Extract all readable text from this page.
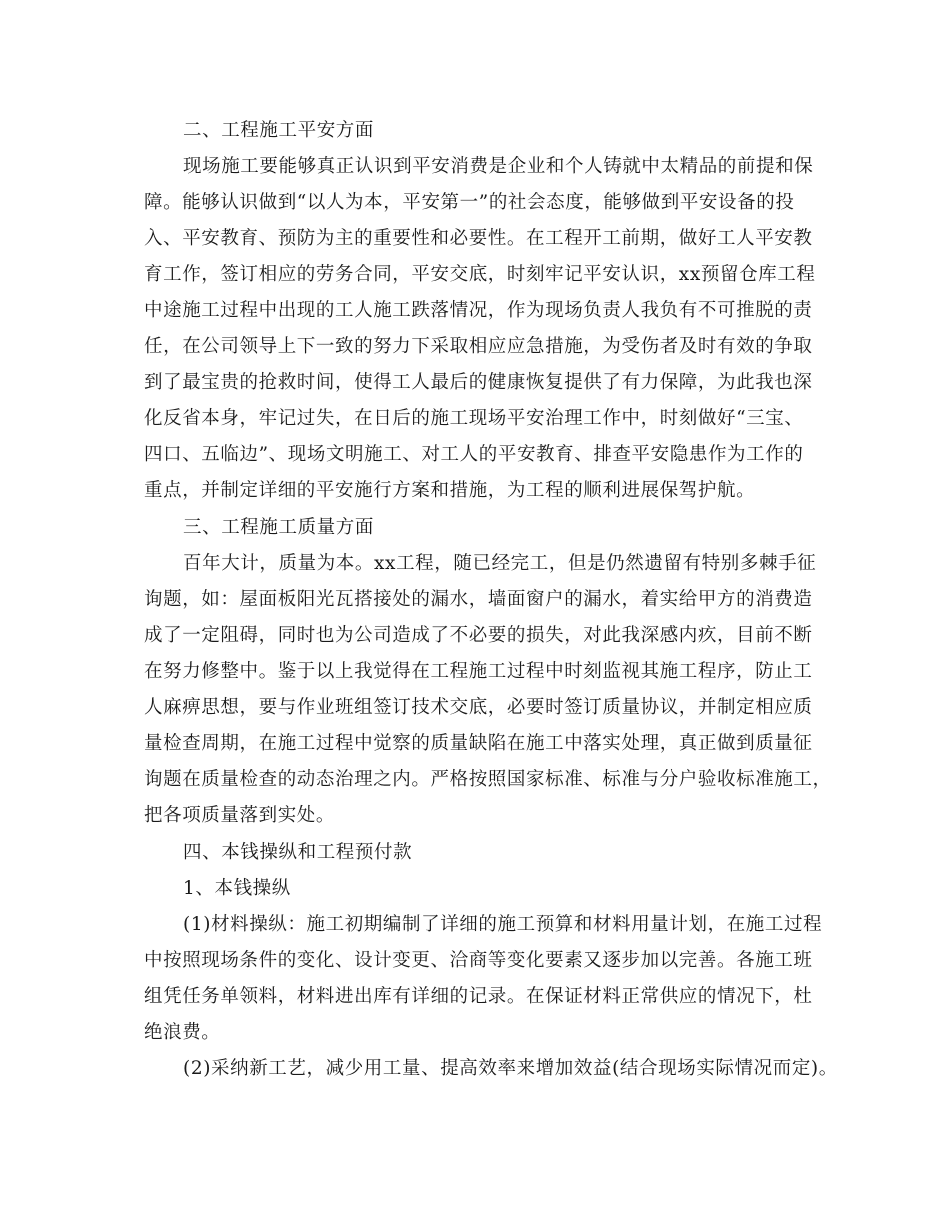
二、工程施工平安方面
现场施工要能够真正认识到平安消费是企业和个人铸就中太精品的前提和保
障。能够认识做到“以人为本，平安第一”的社会态度，能够做到平安设备的投
入、平安教育、预防为主的重要性和必要性。在工程开工前期，做好工人平安教
育工作，签订相应的劳务合同，平安交底，时刻牢记平安认识，xx预留仓库工程
中途施工过程中出现的工人施工跌落情况，作为现场负责人我负有不可推脱的责
任，在公司领导上下一致的努力下采取相应应急措施，为受伤者及时有效的争取
到了最宝贵的抢救时间，使得工人最后的健康恢复提供了有力保障，为此我也深
化反省本身，牢记过失，在日后的施工现场平安治理工作中，时刻做好“三宝、
四口、五临边”、现场文明施工、对工人的平安教育、排查平安隐患作为工作的
重点，并制定详细的平安施行方案和措施，为工程的顺利进展保驾护航。
三、工程施工质量方面
百年大计，质量为本。xx工程，随已经完工，但是仍然遗留有特别多棘手征
询题，如：屋面板阳光瓦搭接处的漏水，墙面窗户的漏水，着实给甲方的消费造
成了一定阻碍，同时也为公司造成了不必要的损失，对此我深感内疚，目前不断
在努力修整中。鉴于以上我觉得在工程施工过程中时刻监视其施工程序，防止工
人麻痹思想，要与作业班组签订技术交底，必要时签订质量协议，并制定相应质
量检查周期，在施工过程中觉察的质量缺陷在施工中落实处理，真正做到质量征
询题在质量检查的动态治理之内。严格按照国家标准、标准与分户验收标准施工，
把各项质量落到实处。
四、本钱操纵和工程预付款
1、本钱操纵
(1)材料操纵：施工初期编制了详细的施工预算和材料用量计划，在施工过程
中按照现场条件的变化、设计变更、洽商等变化要素又逐步加以完善。各施工班
组凭任务单领料，材料进出库有详细的记录。在保证材料正常供应的情况下，杜
绝浪费。
(2)采纳新工艺，减少用工量、提高效率来增加效益(结合现场实际情况而定)。
